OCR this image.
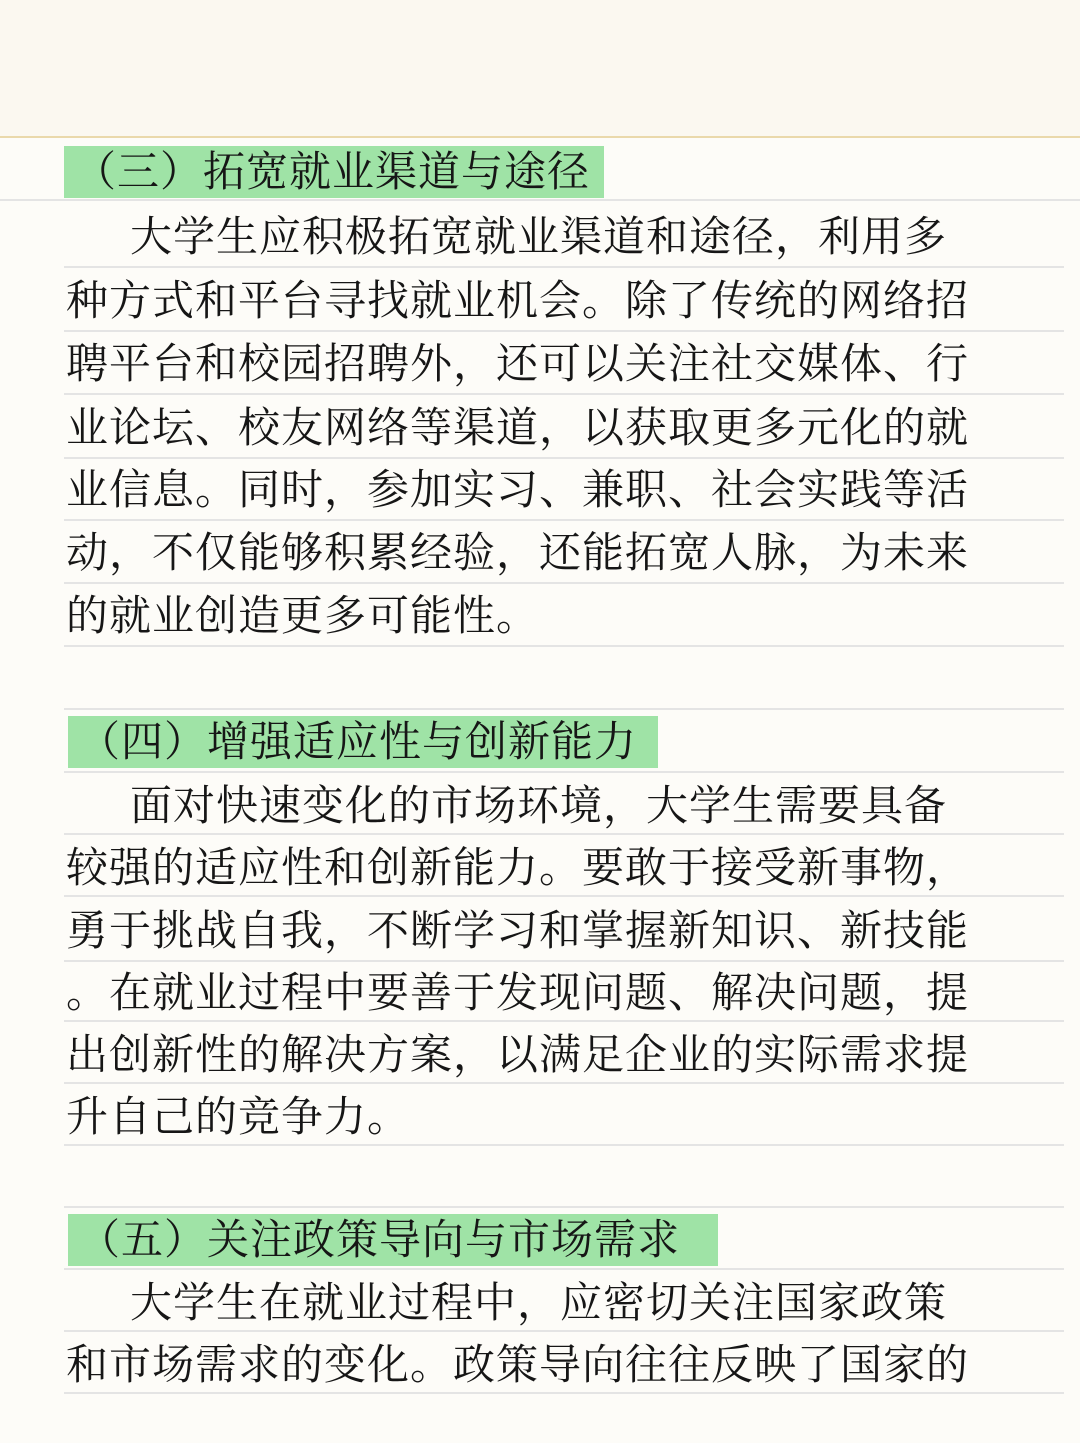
（三）拓宽就业渠道与途径
大学生应积极拓宽就业渠道和途径，利用多
种方式和平台寻找就业机会。除了传统的网络招
聘平台和校园招聘外，还可以关注社交媒体、行
业论坛、校友网络等渠道，以获取更多元化的就
业信息。同时，参加实习、兼职、社会实践等活
动，不仅能够积累经验，还能拓宽人脉，为未来
的就业创造更多可能性。
（四）增强适应性与创新能力
面对快速变化的市场环境，大学生需要具备
较强的适应性和创新能力。要敢于接受新事物，
勇于挑战自我，不断学习和掌握新知识、新技能
。在就业过程中要善于发现问题、解决问题，提
出创新性的解决方案，以满足企业的实际需求提
升自己的竞争力。
（五）关注政策导向与市场需求
大学生在就业过程中，应密切关注国家政策
和市场需求的变化。政策导向往往反映了国家的
